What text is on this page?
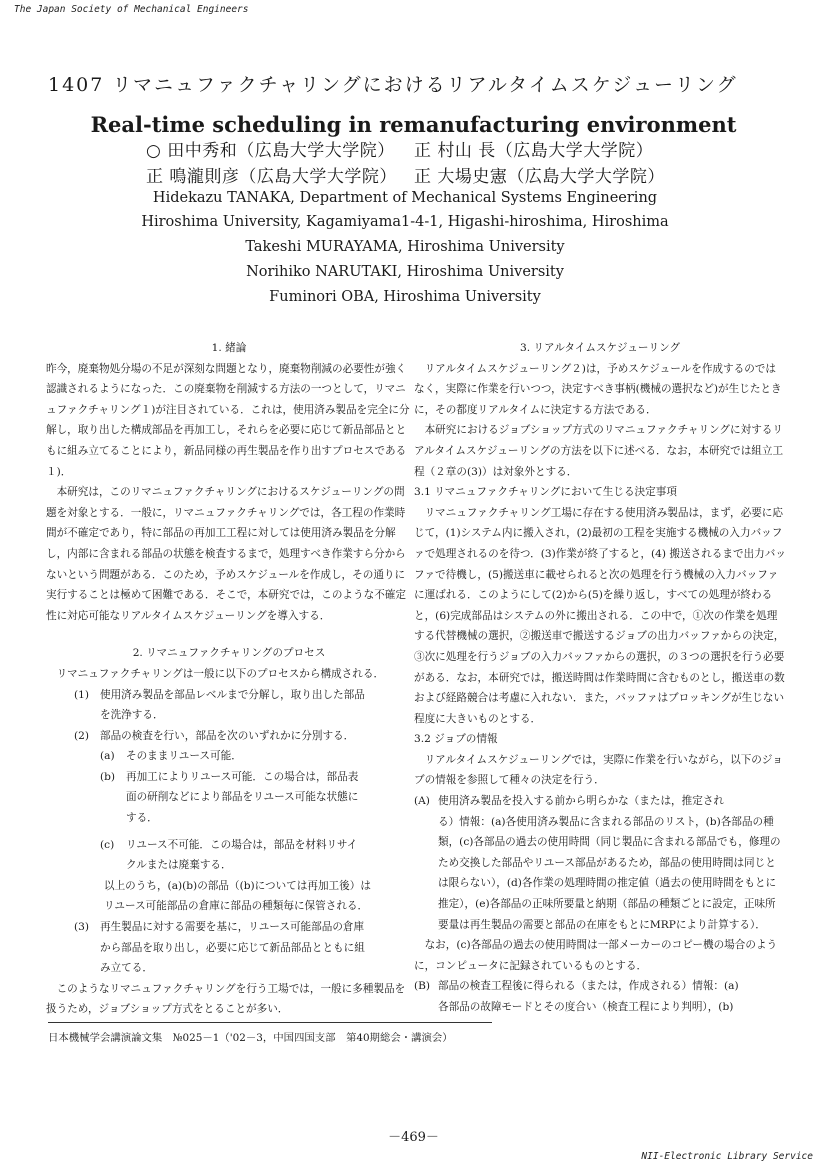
The Japan Society of Mechanical Engineers
1407 リマニュファクチャリングにおけるリアルタイムスケジューリング
Real-time scheduling in remanufacturing environment
○ 田中秀和（広島大学大学院） 正 村山 長（広島大学大学院）
正 鳴瀧則彦（広島大学大学院） 正 大場史憲（広島大学大学院）
Hidekazu TANAKA, Department of Mechanical Systems Engineering
Hiroshima University, Kagamiyama1-4-1, Higashi-hiroshima, Hiroshima
Takeshi MURAYAMA, Hiroshima University
Norihiko NARUTAKI, Hiroshima University
Fuminori OBA, Hiroshima University
1. 緒論

昨今，廃棄物処分場の不足が深刻な問題となり，廃棄物削減の必要性が強く認識されるようになった．この廃棄物を削減する方法の一つとして，リマニュファクチャリング１)が注目されている．これは，使用済み製品を完全に分解し，取り出した構成部品を再加工し，それらを必要に応じて新品部品とともに組み立てることにより，新品同様の再生製品を作り出すプロセスである１)．

本研究は，このリマニュファクチャリングにおけるスケジューリングの問題を対象とする．一般に，リマニュファクチャリングでは，各工程の作業時間が不確定であり，特に部品の再加工工程に対しては使用済み製品を分解し，内部に含まれる部品の状態を検査するまで，処理すべき作業すら分からないという問題がある．このため，予めスケジュールを作成し，その通りに実行することは極めて困難である．そこで，本研究では，このような不確定性に対応可能なリアルタイムスケジューリングを導入する．

2. リマニュファクチャリングのプロセス

リマニュファクチャリングは一般に以下のプロセスから構成される．

(1)	使用済み製品を部品レベルまで分解し，取り出した部品
を洗浄する．
(2)	部品の検査を行い，部品を次のいずれかに分別する．
(a)	そのままリユース可能．
(b)	再加工によりリユース可能．この場合は，部品表
面の研削などにより部品をリユース可能な状態に
する．
(c)	リユース不可能．この場合は，部品を材料リサイ
クルまたは廃棄する．
以上のうち，(a)(b)の部品（(b)については再加工後）は
リユース可能部品の倉庫に部品の種類毎に保管される．
(3)	再生製品に対する需要を基に，リユース可能部品の倉庫
から部品を取り出し，必要に応じて新品部品とともに組
み立てる．

このようなリマニュファクチャリングを行う工場では，一般に多種製品を扱うため，ジョブショップ方式をとることが多い．

3. リアルタイムスケジューリング

リアルタイムスケジューリング２)は，予めスケジュールを作成するのではなく，実際に作業を行いつつ，決定すべき事柄(機械の選択など)が生じたときに，その都度リアルタイムに決定する方法である．

本研究におけるジョブショップ方式のリマニュファクチャリングに対するリアルタイムスケジューリングの方法を以下に述べる．なお，本研究では組立工程（２章の(3)）は対象外とする．

3.1 リマニュファクチャリングにおいて生じる決定事項

リマニュファクチャリング工場に存在する使用済み製品は，まず，必要に応じて，(1)システム内に搬入され，(2)最初の工程を実施する機械の入力バッファで処理されるのを待つ．(3)作業が終了すると，(4) 搬送されるまで出力バッファで待機し，(5)搬送車に載せられると次の処理を行う機械の入力バッファに運ばれる．このようにして(2)から(5)を繰り返し，すべての処理が終わると，(6)完成部品はシステムの外に搬出される．この中で，①次の作業を処理する代替機械の選択，②搬送車で搬送するジョブの出力バッファからの決定，③次に処理を行うジョブの入力バッファからの選択，の３つの選択を行う必要がある．なお，本研究では，搬送時間は作業時間に含むものとし，搬送車の数および経路競合は考慮に入れない．また，バッファはブロッキングが生じない程度に大きいものとする．

3.2 ジョブの情報

リアルタイムスケジューリングでは，実際に作業を行いながら，以下のジョブの情報を参照して種々の決定を行う．

(A) 使用済み製品を投入する前から明らかな（または，推定され
る）情報：(a)各使用済み製品に含まれる部品のリスト，(b)各部品の種類，(c)各部品の過去の使用時間（同じ製品に含まれる部品でも，修理のため交換した部品やリユース部品があるため，部品の使用時間は同じとは限らない），(d)各作業の処理時間の推定値（過去の使用時間をもとに推定），(e)各部品の正味所要量と納期（部品の種類ごとに設定，正味所要量は再生製品の需要と部品の在庫をもとにMRPにより計算する）．

なお，(c)各部品の過去の使用時間は一部メーカーのコピー機の場合のように，コンピュータに記録されているものとする．

(B) 部品の検査工程後に得られる（または，作成される）情報：(a)
各部品の故障モードとその度合い（検査工程により判明），(b)
日本機械学会講演論文集　№025－1（'02－3，中国四国支部　第40期総会・講演会）
－469－
NII-Electronic Library Service
